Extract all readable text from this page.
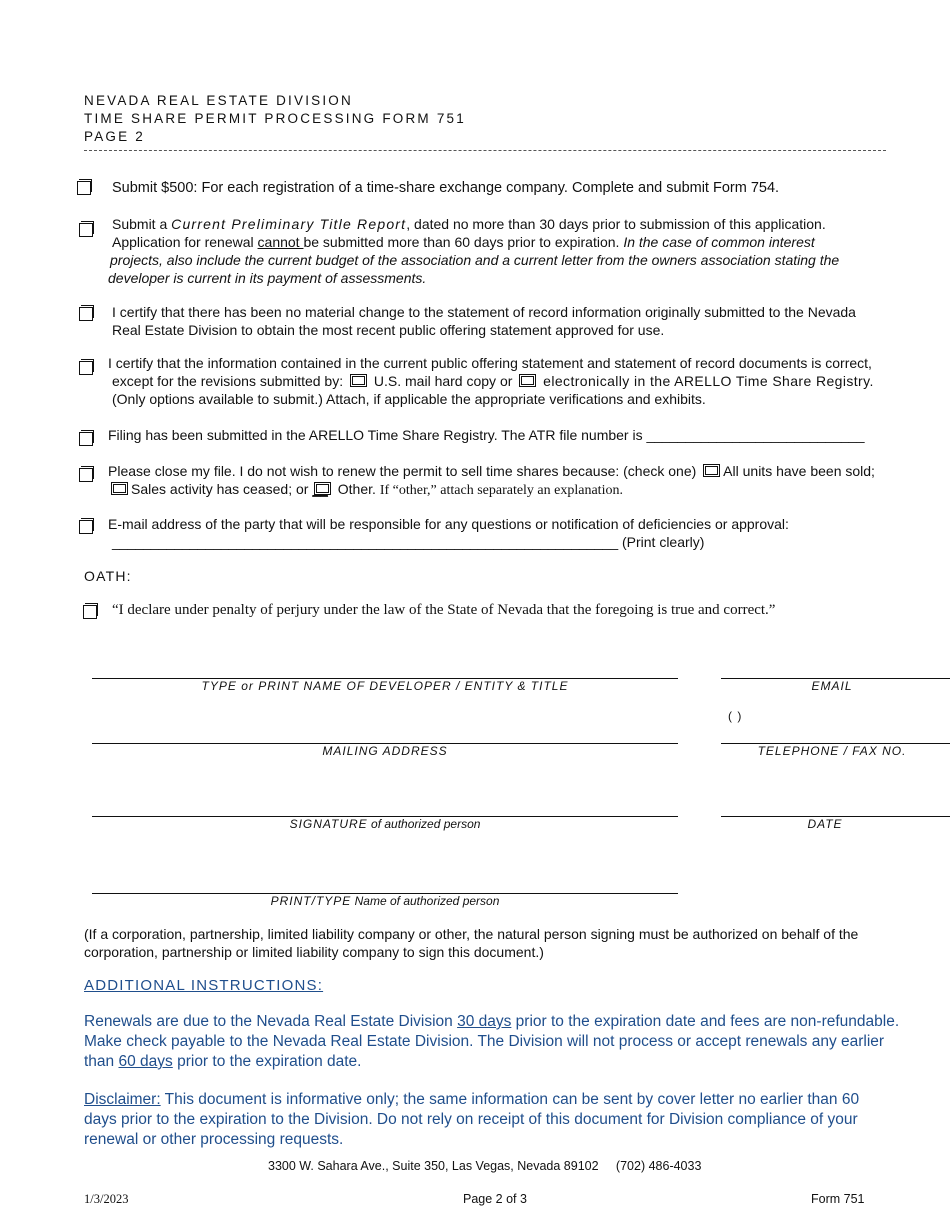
NEVADA REAL ESTATE DIVISION
TIME SHARE PERMIT PROCESSING FORM 751
PAGE 2
Submit $500: For each registration of a time-share exchange company. Complete and submit Form 754.
Submit a Current Preliminary Title Report, dated no more than 30 days prior to submission of this application.
Application for renewal cannot be submitted more than 60 days prior to expiration. In the case of common interest
projects, also include the current budget of the association and a current letter from the owners association stating the
developer is current in its payment of assessments.
I certify that there has been no material change to the statement of record information originally submitted to the Nevada
Real Estate Division to obtain the most recent public offering statement approved for use.
I certify that the information contained in the current public offering statement and statement of record documents is correct,
except for the revisions submitted by: U.S. mail hard copy or electronically in the ARELLO Time Share Registry.
(Only options available to submit.) Attach, if applicable the appropriate verifications and exhibits.
Filing has been submitted in the ARELLO Time Share Registry. The ATR file number is ____________________________
Please close my file. I do not wish to renew the permit to sell time shares because: (check one) All units have been sold;
Sales activity has ceased; or __ Other. If “other,” attach separately an explanation.
E-mail address of the party that will be responsible for any questions or notification of deficiencies or approval:
_________________________________________________________________ (Print clearly)
OATH:
“I declare under penalty of perjury under the law of the State of Nevada that the foregoing is true and correct.”
TYPE or PRINT NAME OF DEVELOPER / ENTITY & TITLE	EMAIL
( )
MAILING ADDRESS	TELEPHONE / FAX NO.
SIGNATURE of authorized person	DATE
PRINT/TYPE Name of authorized person
(If a corporation, partnership, limited liability company or other, the natural person signing must be authorized on behalf of the
corporation, partnership or limited liability company to sign this document.)
ADDITIONAL INSTRUCTIONS:
Renewals are due to the Nevada Real Estate Division 30 days prior to the expiration date and fees are non-refundable.
Make check payable to the Nevada Real Estate Division. The Division will not process or accept renewals any earlier
than 60 days prior to the expiration date.
Disclaimer: This document is informative only; the same information can be sent by cover letter no earlier than 60
days prior to the expiration to the Division. Do not rely on receipt of this document for Division compliance of your
renewal or other processing requests.
3300 W. Sahara Ave., Suite 350, Las Vegas, Nevada 89102     (702) 486-4033
1/3/2023	Page 2 of 3	Form 751
